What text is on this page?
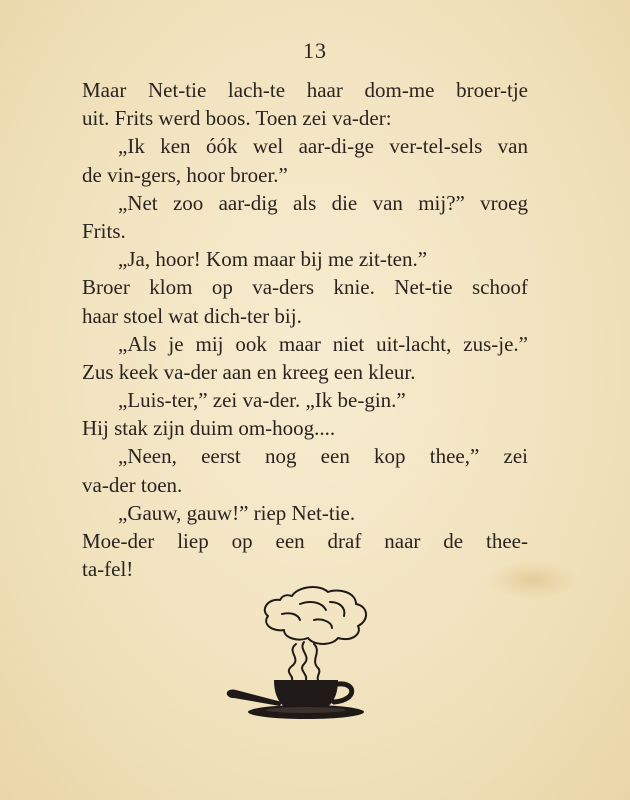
13
Maar Net-tie lach-te haar dom-me broer-tje
uit. Frits werd boos. Toen zei va-der:
„Ik ken óók wel aar-di-ge ver-tel-sels van
de vin-gers, hoor broer.”
„Net zoo aar-dig als die van mij?” vroeg
Frits.
„Ja, hoor! Kom maar bij me zit-ten.”
Broer klom op va-ders knie. Net-tie schoof
haar stoel wat dich-ter bij.
„Als je mij ook maar niet uit-lacht, zus-je.”
Zus keek va-der aan en kreeg een kleur.
„Luis-ter,” zei va-der. „Ik be-gin.”
Hij stak zijn duim om-hoog....
„Neen, eerst nog een kop thee,” zei
va-der toen.
„Gauw, gauw!” riep Net-tie.
Moe-der liep op een draf naar de thee-
ta-fel!
